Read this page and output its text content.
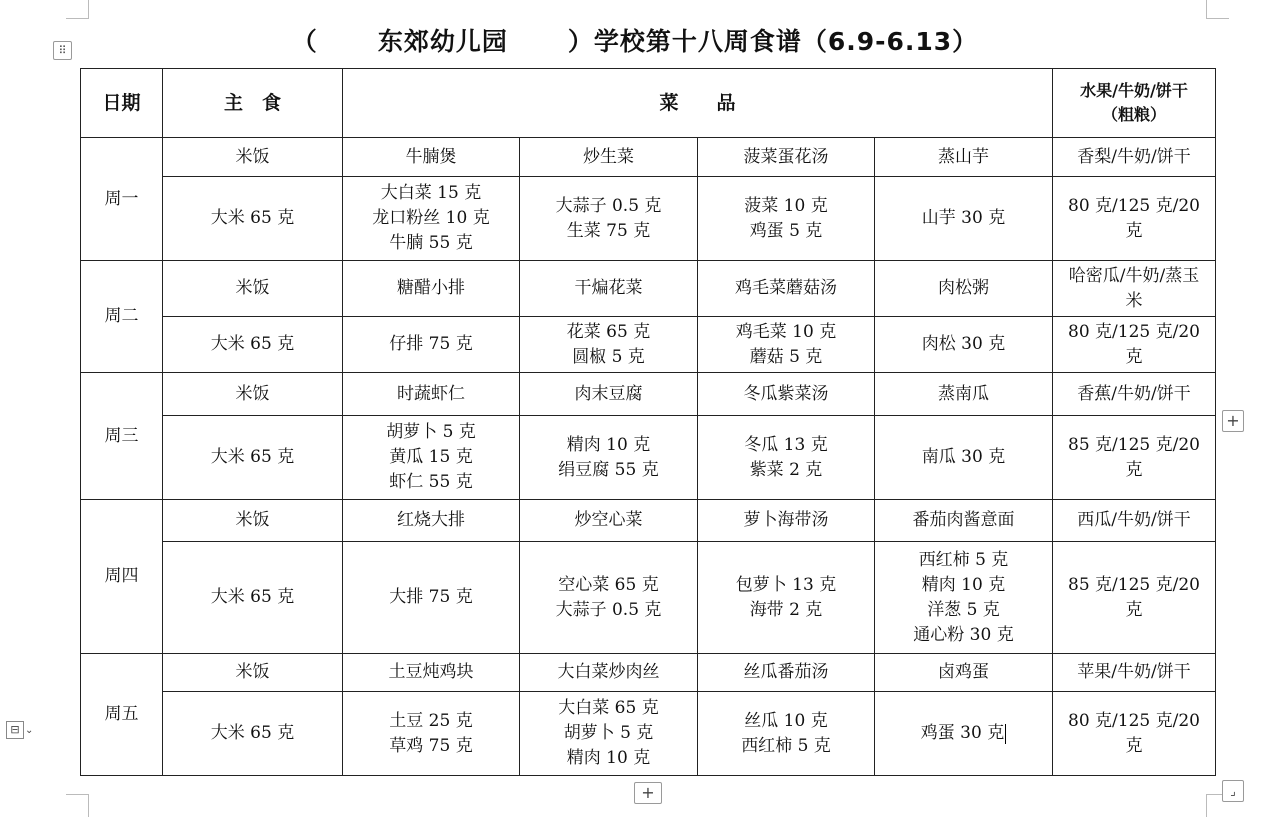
⠿	（ 东郊幼儿园 ）学校第十八周食谱（6.9-6.13）
日期	主　食	菜　　品				水果/牛奶/饼干
（粗粮）
周一	米饭	牛腩煲	炒生菜	菠菜蛋花汤	蒸山芋	香梨/牛奶/饼干
	大米 65 克	大白菜 15 克
龙口粉丝 10 克
牛腩 55 克	大蒜子 0.5 克
生菜 75 克	菠菜 10 克
鸡蛋 5 克	山芋 30 克	80 克/125 克/20
克
周二	米饭	糖醋小排	干煸花菜	鸡毛菜蘑菇汤	肉松粥	哈密瓜/牛奶/蒸玉
米
	大米 65 克	仔排 75 克	花菜 65 克
圆椒 5 克	鸡毛菜 10 克
蘑菇 5 克	肉松 30 克	80 克/125 克/20
克
周三	米饭	时蔬虾仁	肉末豆腐	冬瓜紫菜汤	蒸南瓜	香蕉/牛奶/饼干
	大米 65 克	胡萝卜 5 克
黄瓜 15 克
虾仁 55 克	精肉 10 克
绢豆腐 55 克	冬瓜 13 克
紫菜 2 克	南瓜 30 克	85 克/125 克/20
克
周四	米饭	红烧大排	炒空心菜	萝卜海带汤	番茄肉酱意面	西瓜/牛奶/饼干
	大米 65 克	大排 75 克	空心菜 65 克
大蒜子 0.5 克	包萝卜 13 克
海带 2 克	西红柿 5 克
精肉 10 克
洋葱 5 克
通心粉 30 克	85 克/125 克/20
克
周五	米饭	土豆炖鸡块	大白菜炒肉丝	丝瓜番茄汤	卤鸡蛋	苹果/牛奶/饼干
	大米 65 克	土豆 25 克
草鸡 75 克	大白菜 65 克
胡萝卜 5 克
精肉 10 克	丝瓜 10 克
西红柿 5 克	鸡蛋 30 克	80 克/125 克/20
克
+
+	⌟
⊟ ⌄
